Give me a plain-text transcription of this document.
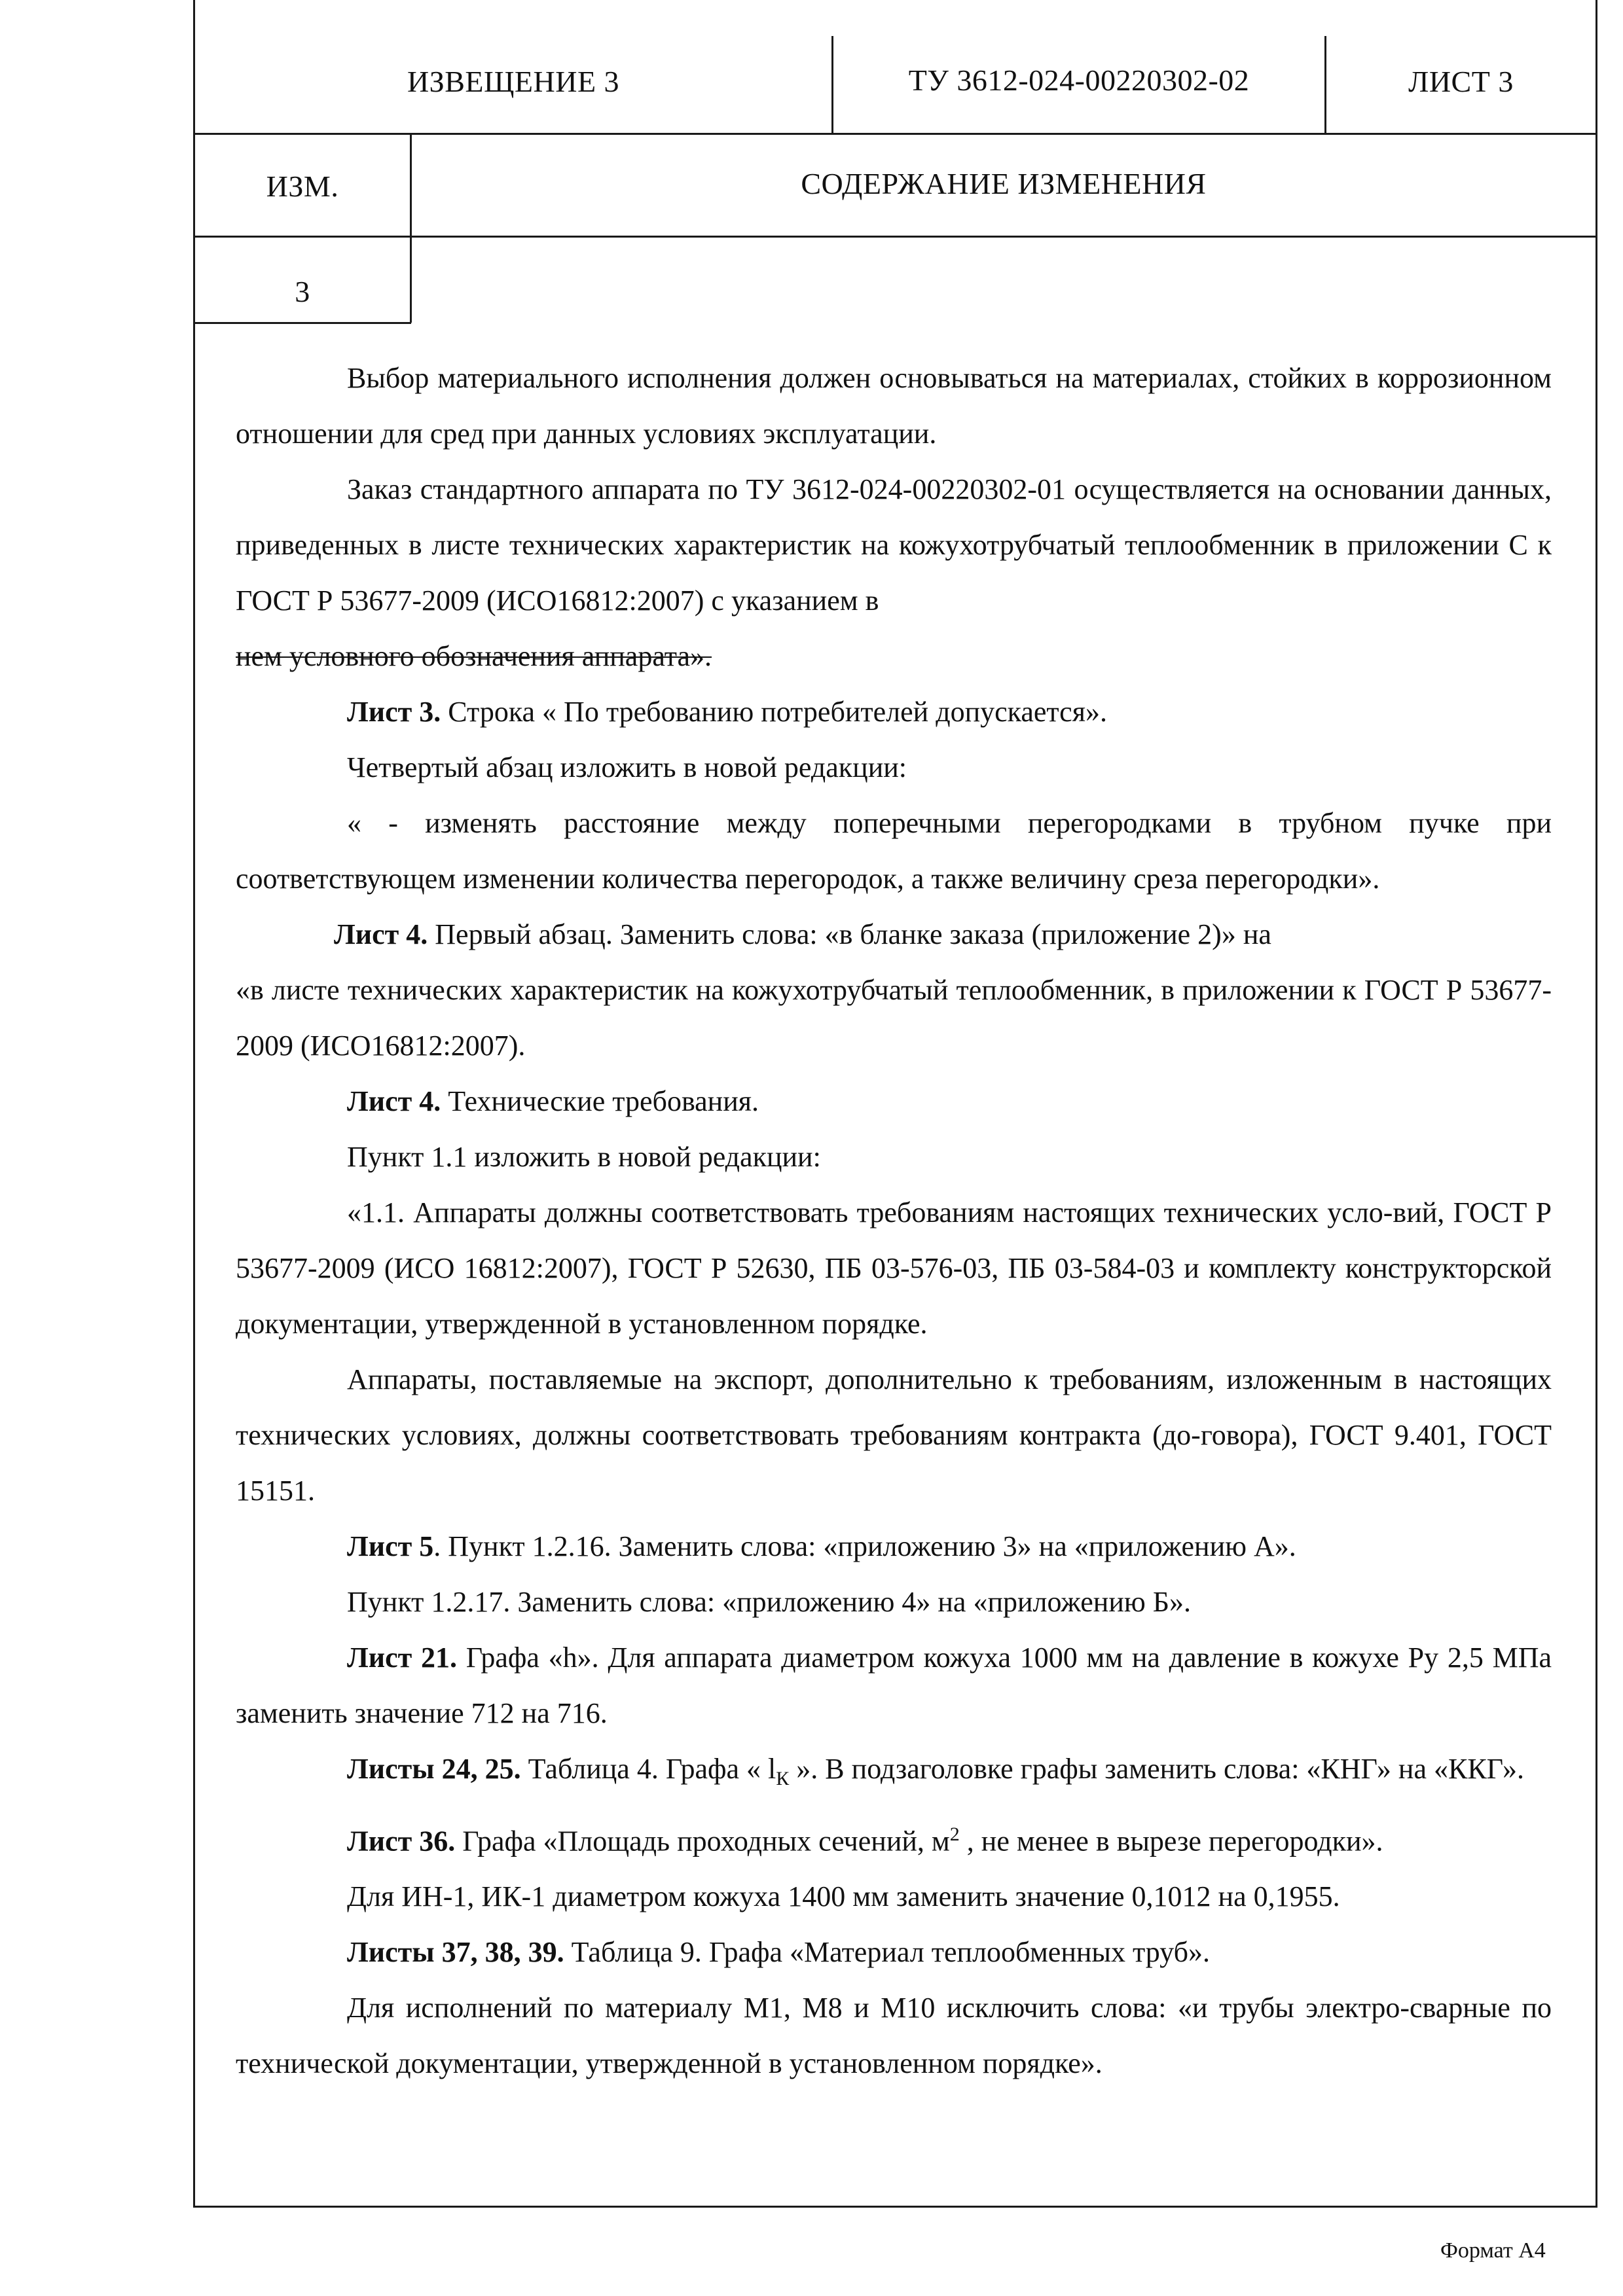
ИЗВЕЩЕНИЕ 3	ТУ 3612-024-00220302-02	ЛИСТ 3
ИЗМ.	СОДЕРЖАНИЕ ИЗМЕНЕНИЯ
3

Выбор материального исполнения должен основываться на материалах, стойких в коррозионном отношении для сред при данных условиях эксплуатации.

Заказ стандартного аппарата по ТУ 3612-024-00220302-01 осуществляется на основании данных, приведенных в листе технических характеристик на кожухотрубчатый теплообменник в приложении С к ГОСТ Р 53677-2009 (ИСО16812:2007) с указанием в

нем условного обозначения аппарата».

Лист 3. Строка « По требованию потребителей допускается».

Четвертый абзац изложить в новой редакции:

« - изменять расстояние между поперечными перегородками в трубном пучке при соответствующем изменении количества перегородок, а также величину среза перегородки».

Лист 4. Первый абзац. Заменить слова: «в бланке заказа (приложение 2)» на

«в листе технических характеристик на кожухотрубчатый теплообменник, в приложении к ГОСТ Р 53677-2009 (ИСО16812:2007).

Лист 4. Технические требования.

Пункт 1.1 изложить в новой редакции:

«1.1. Аппараты должны соответствовать требованиям настоящих технических усло-вий, ГОСТ Р 53677-2009 (ИСО 16812:2007), ГОСТ Р 52630, ПБ 03-576-03, ПБ 03-584-03 и комплекту конструкторской документации, утвержденной в установленном порядке.

Аппараты, поставляемые на экспорт, дополнительно к требованиям, изложенным в настоящих технических условиях, должны соответствовать требованиям контракта (до-говора), ГОСТ 9.401, ГОСТ 15151.

Лист 5. Пункт 1.2.16. Заменить слова: «приложению 3» на «приложению А».

Пункт 1.2.17. Заменить слова: «приложению 4» на «приложению Б».

Лист 21. Графа «h». Для аппарата диаметром кожуха 1000 мм на давление в кожухе Ру 2,5 МПа заменить значение 712 на 716.

Листы 24, 25. Таблица 4. Графа « $l_К$ ». В подзаголовке графы заменить слова: «КНГ» на «ККГ».

Лист 36. Графа «Площадь проходных сечений, $м^2$ , не менее в вырезе перегородки».

Для ИН-1, ИК-1 диаметром кожуха 1400 мм заменить значение 0,1012 на 0,1955.

Листы 37, 38, 39. Таблица 9. Графа «Материал теплообменных труб».

Для исполнений по материалу М1, М8 и М10 исключить слова: «и трубы электро-сварные по технической документации, утвержденной в установленном порядке».

Формат А4
